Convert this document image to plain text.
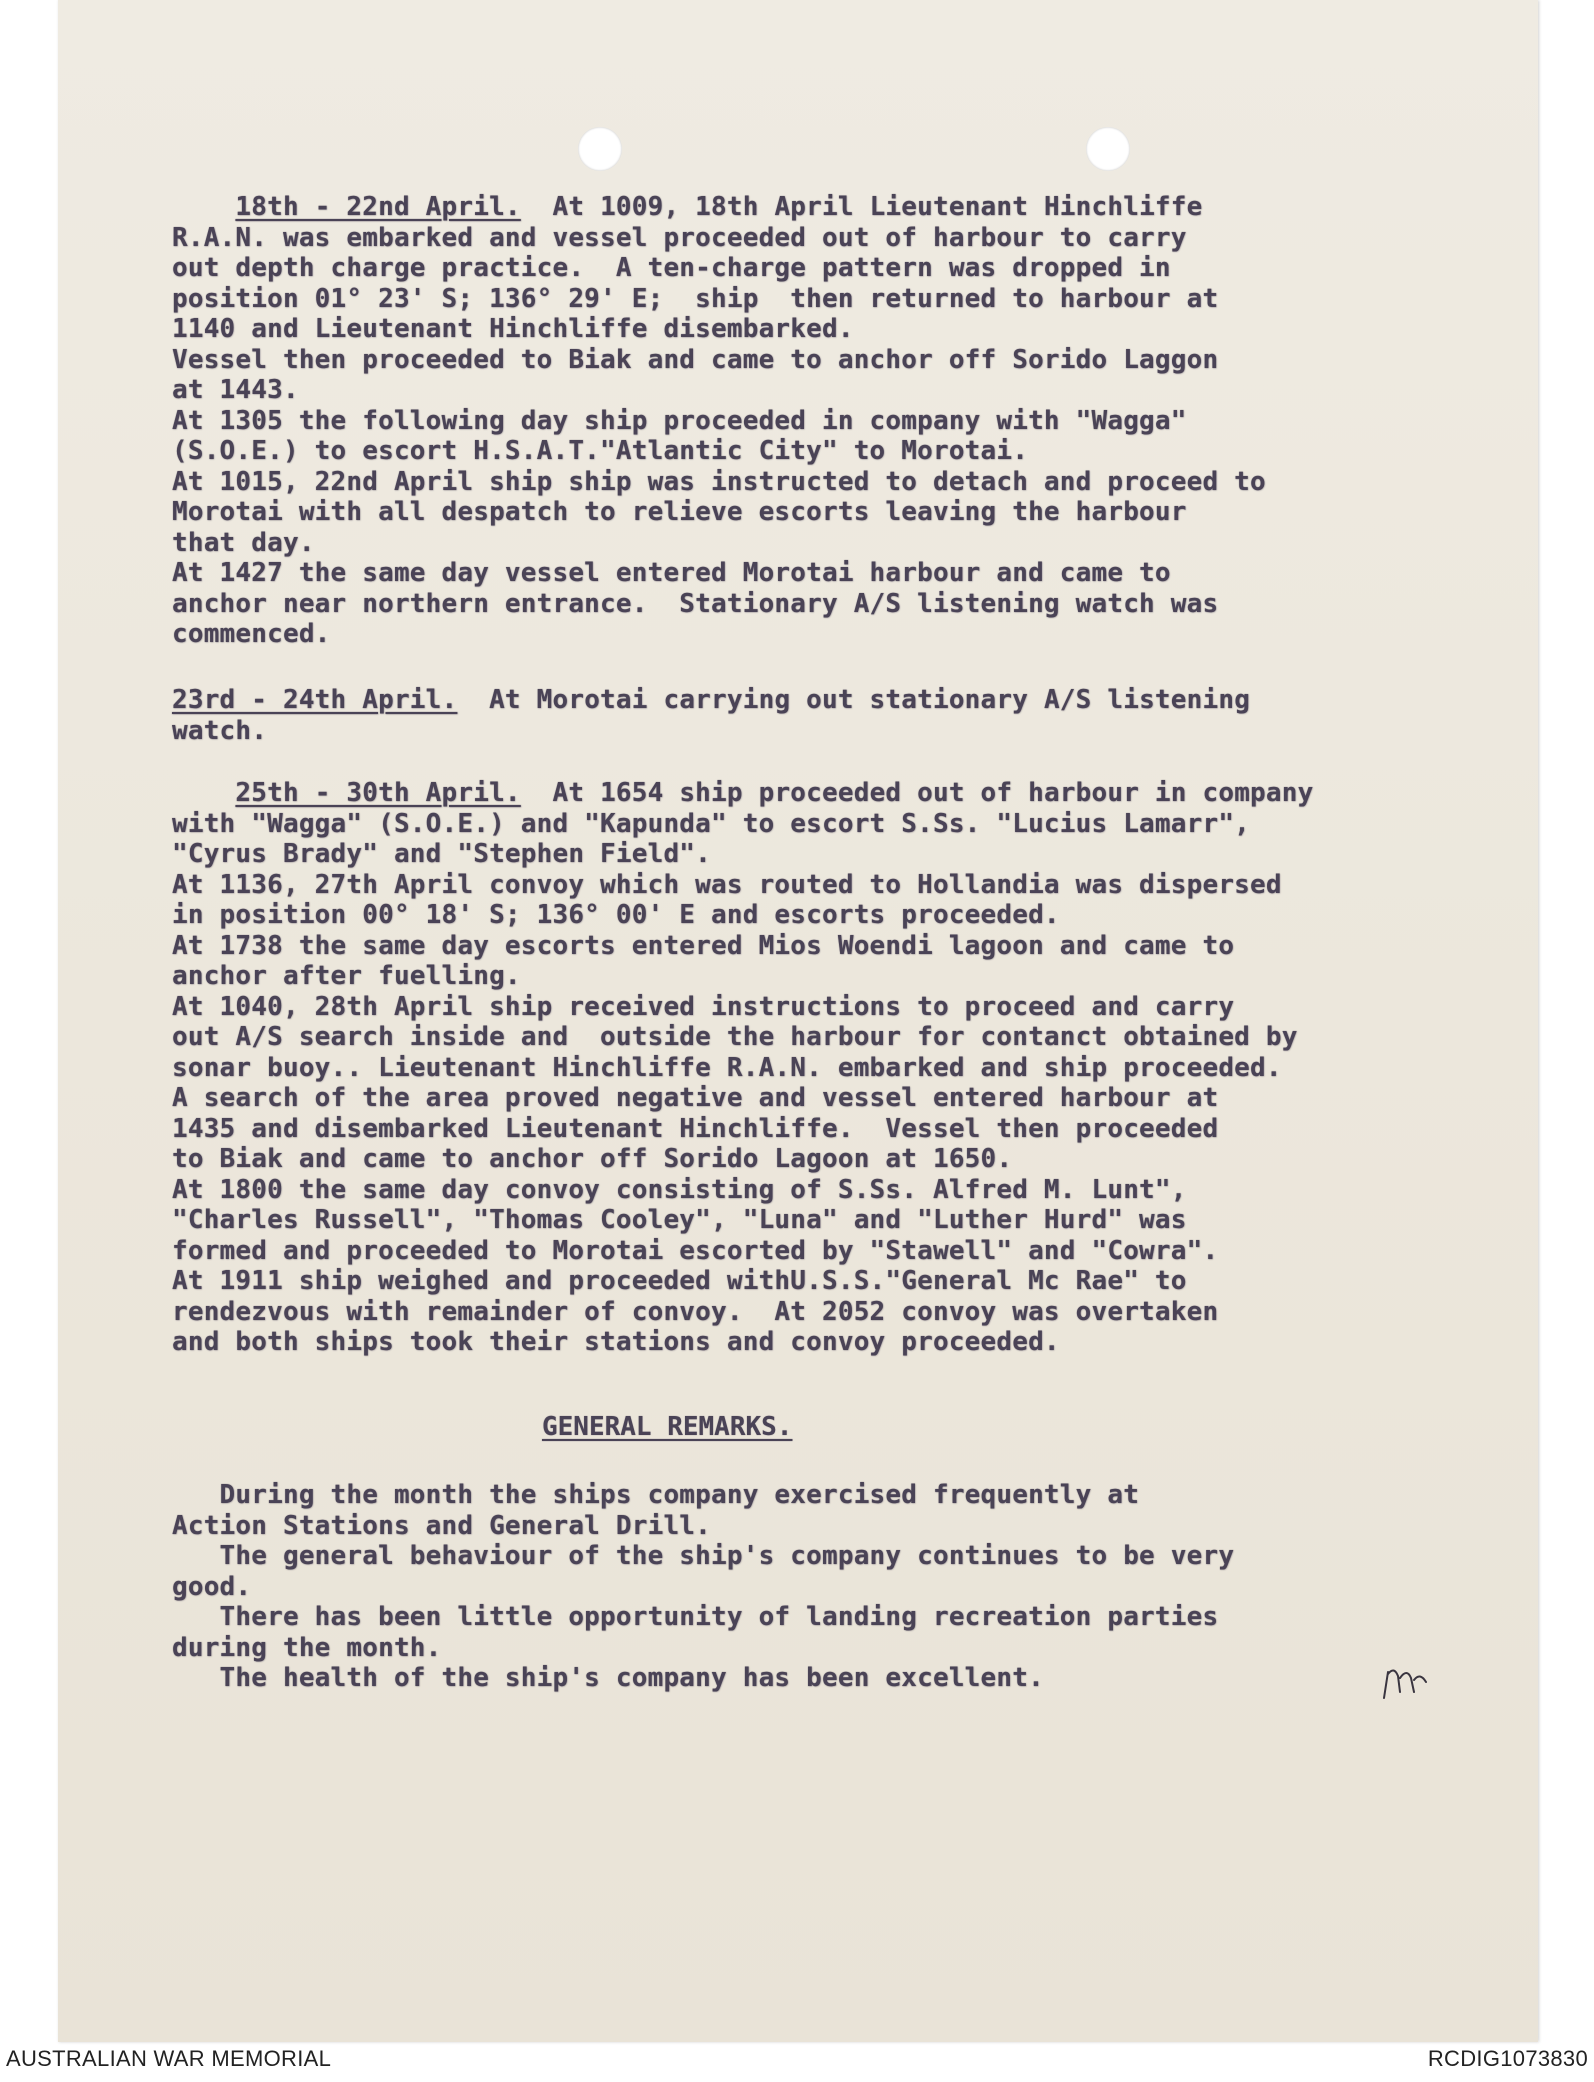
18th - 22nd April.  At 1009, 18th April Lieutenant Hinchliffe
R.A.N. was embarked and vessel proceeded out of harbour to carry
out depth charge practice.  A ten-charge pattern was dropped in
position 01° 23' S; 136° 29' E;  ship  then returned to harbour at
1140 and Lieutenant Hinchliffe disembarked.
Vessel then proceeded to Biak and came to anchor off Sorido Laggon
at 1443.
At 1305 the following day ship proceeded in company with "Wagga"
(S.O.E.) to escort H.S.A.T."Atlantic City" to Morotai.
At 1015, 22nd April ship ship was instructed to detach and proceed to
Morotai with all despatch to relieve escorts leaving the harbour
that day.
At 1427 the same day vessel entered Morotai harbour and came to
anchor near northern entrance.  Stationary A/S listening watch was
commenced.
23rd - 24th April.  At Morotai carrying out stationary A/S listening
watch.
25th - 30th April.  At 1654 ship proceeded out of harbour in company
with "Wagga" (S.O.E.) and "Kapunda" to escort S.Ss. "Lucius Lamarr",
"Cyrus Brady" and "Stephen Field".
At 1136, 27th April convoy which was routed to Hollandia was dispersed
in position 00° 18' S; 136° 00' E and escorts proceeded.
At 1738 the same day escorts entered Mios Woendi lagoon and came to
anchor after fuelling.
At 1040, 28th April ship received instructions to proceed and carry
out A/S search inside and  outside the harbour for contanct obtained by
sonar buoy.. Lieutenant Hinchliffe R.A.N. embarked and ship proceeded.
A search of the area proved negative and vessel entered harbour at
1435 and disembarked Lieutenant Hinchliffe.  Vessel then proceeded
to Biak and came to anchor off Sorido Lagoon at 1650.
At 1800 the same day convoy consisting of S.Ss. Alfred M. Lunt",
"Charles Russell", "Thomas Cooley", "Luna" and "Luther Hurd" was
formed and proceeded to Morotai escorted by "Stawell" and "Cowra".
At 1911 ship weighed and proceeded withU.S.S."General Mc Rae" to
rendezvous with remainder of convoy.  At 2052 convoy was overtaken
and both ships took their stations and convoy proceeded.
GENERAL REMARKS.
During the month the ships company exercised frequently at
Action Stations and General Drill.
The general behaviour of the ship's company continues to be very
good.
There has been little opportunity of landing recreation parties
during the month.
The health of the ship's company has been excellent.
AUSTRALIAN WAR MEMORIAL	RCDIG1073830
